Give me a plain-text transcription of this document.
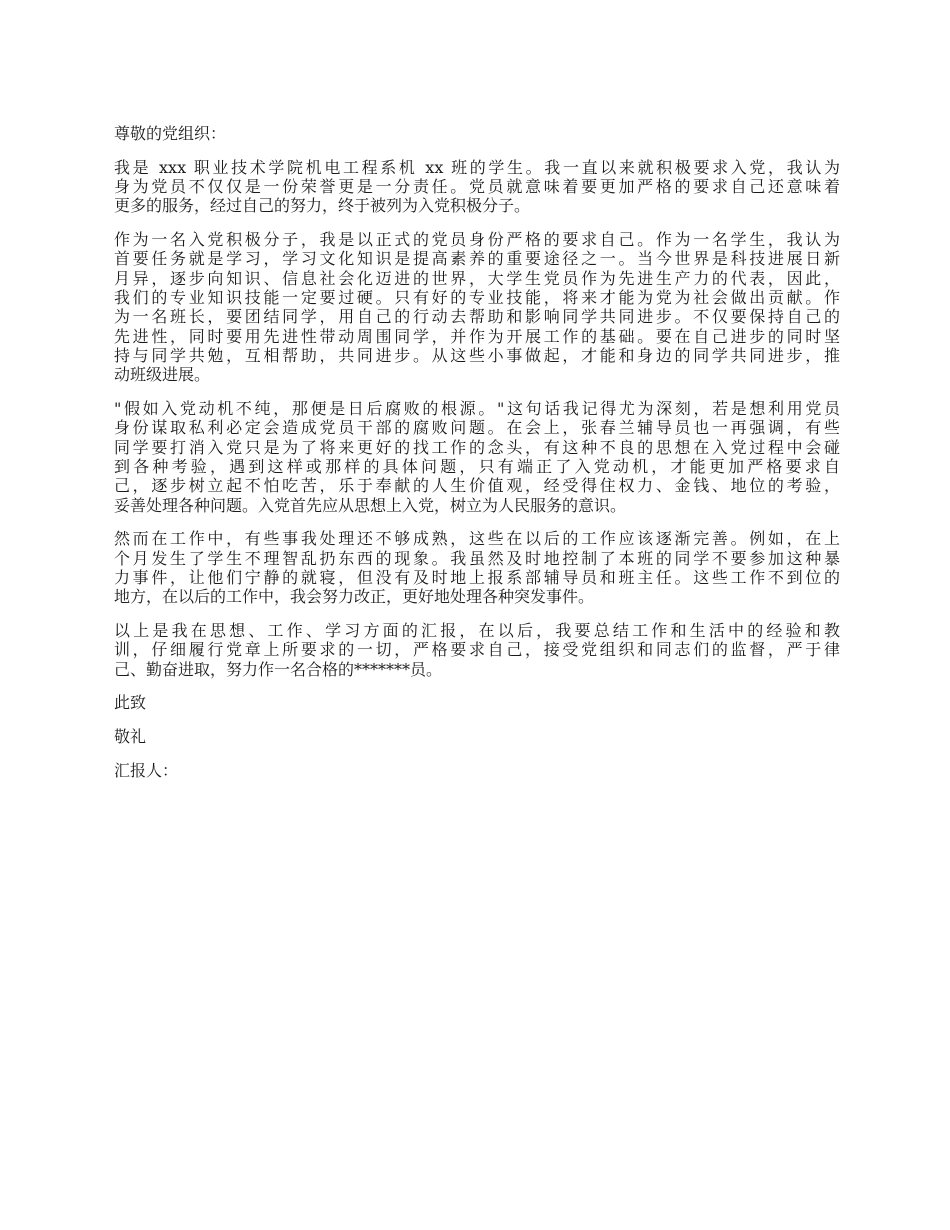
尊敬的党组织：
我是 xxx 职业技术学院机电工程系机 xx 班的学生。我一直以来就积极要求入党，我认为
身为党员不仅仅是一份荣誉更是一分责任。党员就意味着要更加严格的要求自己还意味着
更多的服务，经过自己的努力，终于被列为入党积极分子。
作为一名入党积极分子，我是以正式的党员身份严格的要求自己。作为一名学生，我认为
首要任务就是学习，学习文化知识是提高素养的重要途径之一。当今世界是科技进展日新
月异，逐步向知识、信息社会化迈进的世界，大学生党员作为先进生产力的代表，因此，
我们的专业知识技能一定要过硬。只有好的专业技能，将来才能为党为社会做出贡献。作
为一名班长，要团结同学，用自己的行动去帮助和影响同学共同进步。不仅要保持自己的
先进性，同时要用先进性带动周围同学，并作为开展工作的基础。要在自己进步的同时坚
持与同学共勉，互相帮助，共同进步。从这些小事做起，才能和身边的同学共同进步，推
动班级进展。
"假如入党动机不纯，那便是日后腐败的根源。"这句话我记得尤为深刻，若是想利用党员
身份谋取私利必定会造成党员干部的腐败问题。在会上，张春兰辅导员也一再强调，有些
同学要打消入党只是为了将来更好的找工作的念头，有这种不良的思想在入党过程中会碰
到各种考验，遇到这样或那样的具体问题，只有端正了入党动机，才能更加严格要求自
己，逐步树立起不怕吃苦，乐于奉献的人生价值观，经受得住权力、金钱、地位的考验，
妥善处理各种问题。入党首先应从思想上入党，树立为人民服务的意识。
然而在工作中，有些事我处理还不够成熟，这些在以后的工作应该逐渐完善。例如，在上
个月发生了学生不理智乱扔东西的现象。我虽然及时地控制了本班的同学不要参加这种暴
力事件，让他们宁静的就寝，但没有及时地上报系部辅导员和班主任。这些工作不到位的
地方，在以后的工作中，我会努力改正，更好地处理各种突发事件。
以上是我在思想、工作、学习方面的汇报，在以后，我要总结工作和生活中的经验和教
训，仔细履行党章上所要求的一切，严格要求自己，接受党组织和同志们的监督，严于律
己、勤奋进取，努力作一名合格的*******员。
此致
敬礼
汇报人：
